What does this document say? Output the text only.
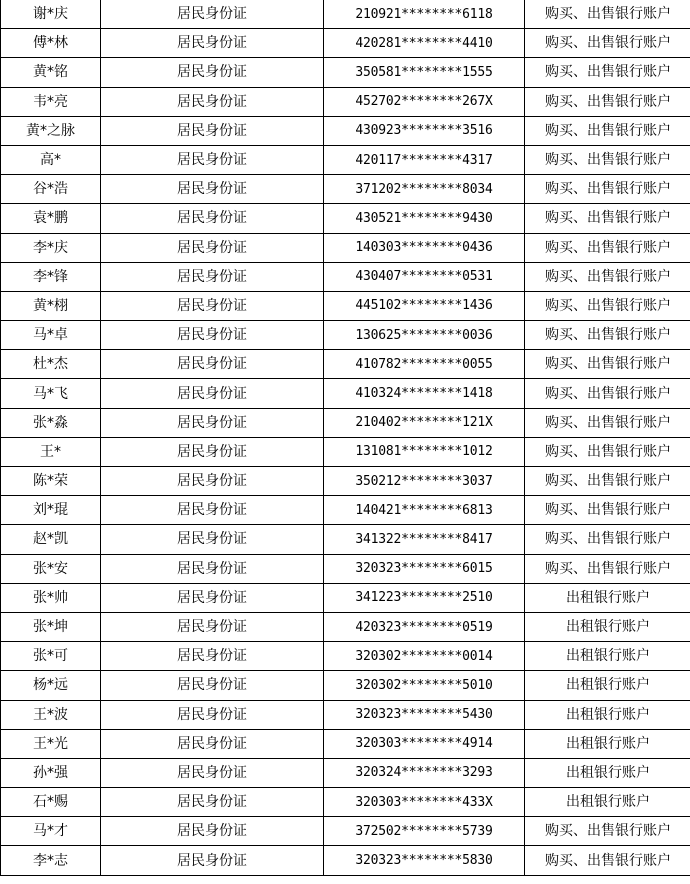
谢*庆	居民身份证	210921********6118	购买、出售银行账户
傅*林	居民身份证	420281********4410	购买、出售银行账户
黄*铭	居民身份证	350581********1555	购买、出售银行账户
韦*亮	居民身份证	452702********267X	购买、出售银行账户
黄*之脉	居民身份证	430923********3516	购买、出售银行账户
高*	居民身份证	420117********4317	购买、出售银行账户
谷*浩	居民身份证	371202********8034	购买、出售银行账户
袁*鹏	居民身份证	430521********9430	购买、出售银行账户
李*庆	居民身份证	140303********0436	购买、出售银行账户
李*锋	居民身份证	430407********0531	购买、出售银行账户
黄*栩	居民身份证	445102********1436	购买、出售银行账户
马*卓	居民身份证	130625********0036	购买、出售银行账户
杜*杰	居民身份证	410782********0055	购买、出售银行账户
马*飞	居民身份证	410324********1418	购买、出售银行账户
张*淼	居民身份证	210402********121X	购买、出售银行账户
王*	居民身份证	131081********1012	购买、出售银行账户
陈*荣	居民身份证	350212********3037	购买、出售银行账户
刘*琨	居民身份证	140421********6813	购买、出售银行账户
赵*凯	居民身份证	341322********8417	购买、出售银行账户
张*安	居民身份证	320323********6015	购买、出售银行账户
张*帅	居民身份证	341223********2510	出租银行账户
张*坤	居民身份证	420323********0519	出租银行账户
张*可	居民身份证	320302********0014	出租银行账户
杨*远	居民身份证	320302********5010	出租银行账户
王*波	居民身份证	320323********5430	出租银行账户
王*光	居民身份证	320303********4914	出租银行账户
孙*强	居民身份证	320324********3293	出租银行账户
石*赐	居民身份证	320303********433X	出租银行账户
马*才	居民身份证	372502********5739	购买、出售银行账户
李*志	居民身份证	320323********5830	购买、出售银行账户
